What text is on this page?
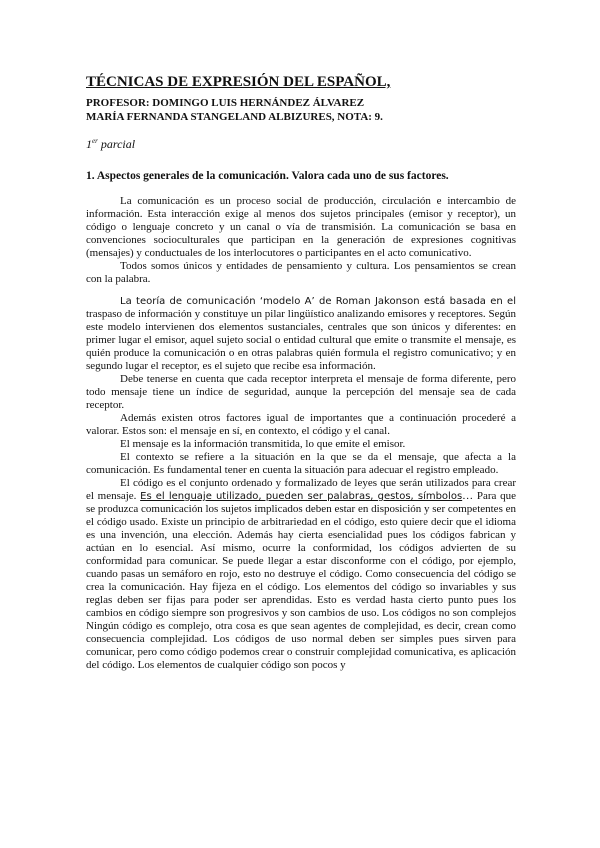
TÉCNICAS DE EXPRESIÓN DEL ESPAÑOL,

PROFESOR: DOMINGO LUIS HERNÁNDEZ ÁLVAREZ

MARÍA FERNANDA STANGELAND ALBIZURES, NOTA: 9.

1er parcial

1. Aspectos generales de la comunicación. Valora cada uno de sus factores.

La comunicación es un proceso social de producción, circulación e intercambio de información. Esta interacción exige al menos dos sujetos principales (emisor y receptor), un código o lenguaje concreto y un canal o vía de transmisión. La comunicación se basa en convenciones socioculturales que participan en la generación de expresiones cognitivas (mensajes) y conductuales de los interlocutores o participantes en el acto comunicativo.

Todos somos únicos y entidades de pensamiento y cultura. Los pensamientos se crean con la palabra.

La teoría de comunicación ‘modelo A’ de Roman Jakonson está basada en el traspaso de información y constituye un pilar lingüístico analizando emisores y receptores. Según este modelo intervienen dos elementos sustanciales, centrales que son únicos y diferentes: en primer lugar el emisor, aquel sujeto social o entidad cultural que emite o transmite el mensaje, es quién produce la comunicación o en otras palabras quién formula el registro comunicativo; y en segundo lugar el receptor, es el sujeto que recibe esa información.

Debe tenerse en cuenta que cada receptor interpreta el mensaje de forma diferente, pero todo mensaje tiene un índice de seguridad, aunque la percepción del mensaje sea de cada receptor.

Además existen otros factores igual de importantes que a continuación procederé a valorar. Estos son: el mensaje en sí, en contexto, el código y el canal.

El mensaje es la información transmitida, lo que emite el emisor.

El contexto se refiere a la situación en la que se da el mensaje, que afecta a la comunicación. Es fundamental tener en cuenta la situación para adecuar el registro empleado.

El código es el conjunto ordenado y formalizado de leyes que serán utilizados para crear el mensaje. Es el lenguaje utilizado, pueden ser palabras, gestos, símbolos… Para que se produzca comunicación los sujetos implicados deben estar en disposición y ser competentes en el código usado. Existe un principio de arbitrariedad en el código, esto quiere decir que el idioma es una invención, una elección. Además hay cierta esencialidad pues los códigos fabrican y actúan en lo esencial. Así mismo, ocurre la conformidad, los códigos advierten de su conformidad para comunicar. Se puede llegar a estar disconforme con el código, por ejemplo, cuando pasas un semáforo en rojo, esto no destruye el código. Como consecuencia del código se crea la comunicación. Hay fijeza en el código. Los elementos del código so invariables y sus reglas deben ser fijas para poder ser aprendidas. Esto es verdad hasta cierto punto pues los cambios en código siempre son progresivos y son cambios de uso. Los códigos no son complejos Ningún código es complejo, otra cosa es que sean agentes de complejidad, es decir, crean como consecuencia complejidad. Los códigos de uso normal deben ser simples pues sirven para comunicar, pero como código podemos crear o construir complejidad comunicativa, es aplicación del código. Los elementos de cualquier código son pocos y
